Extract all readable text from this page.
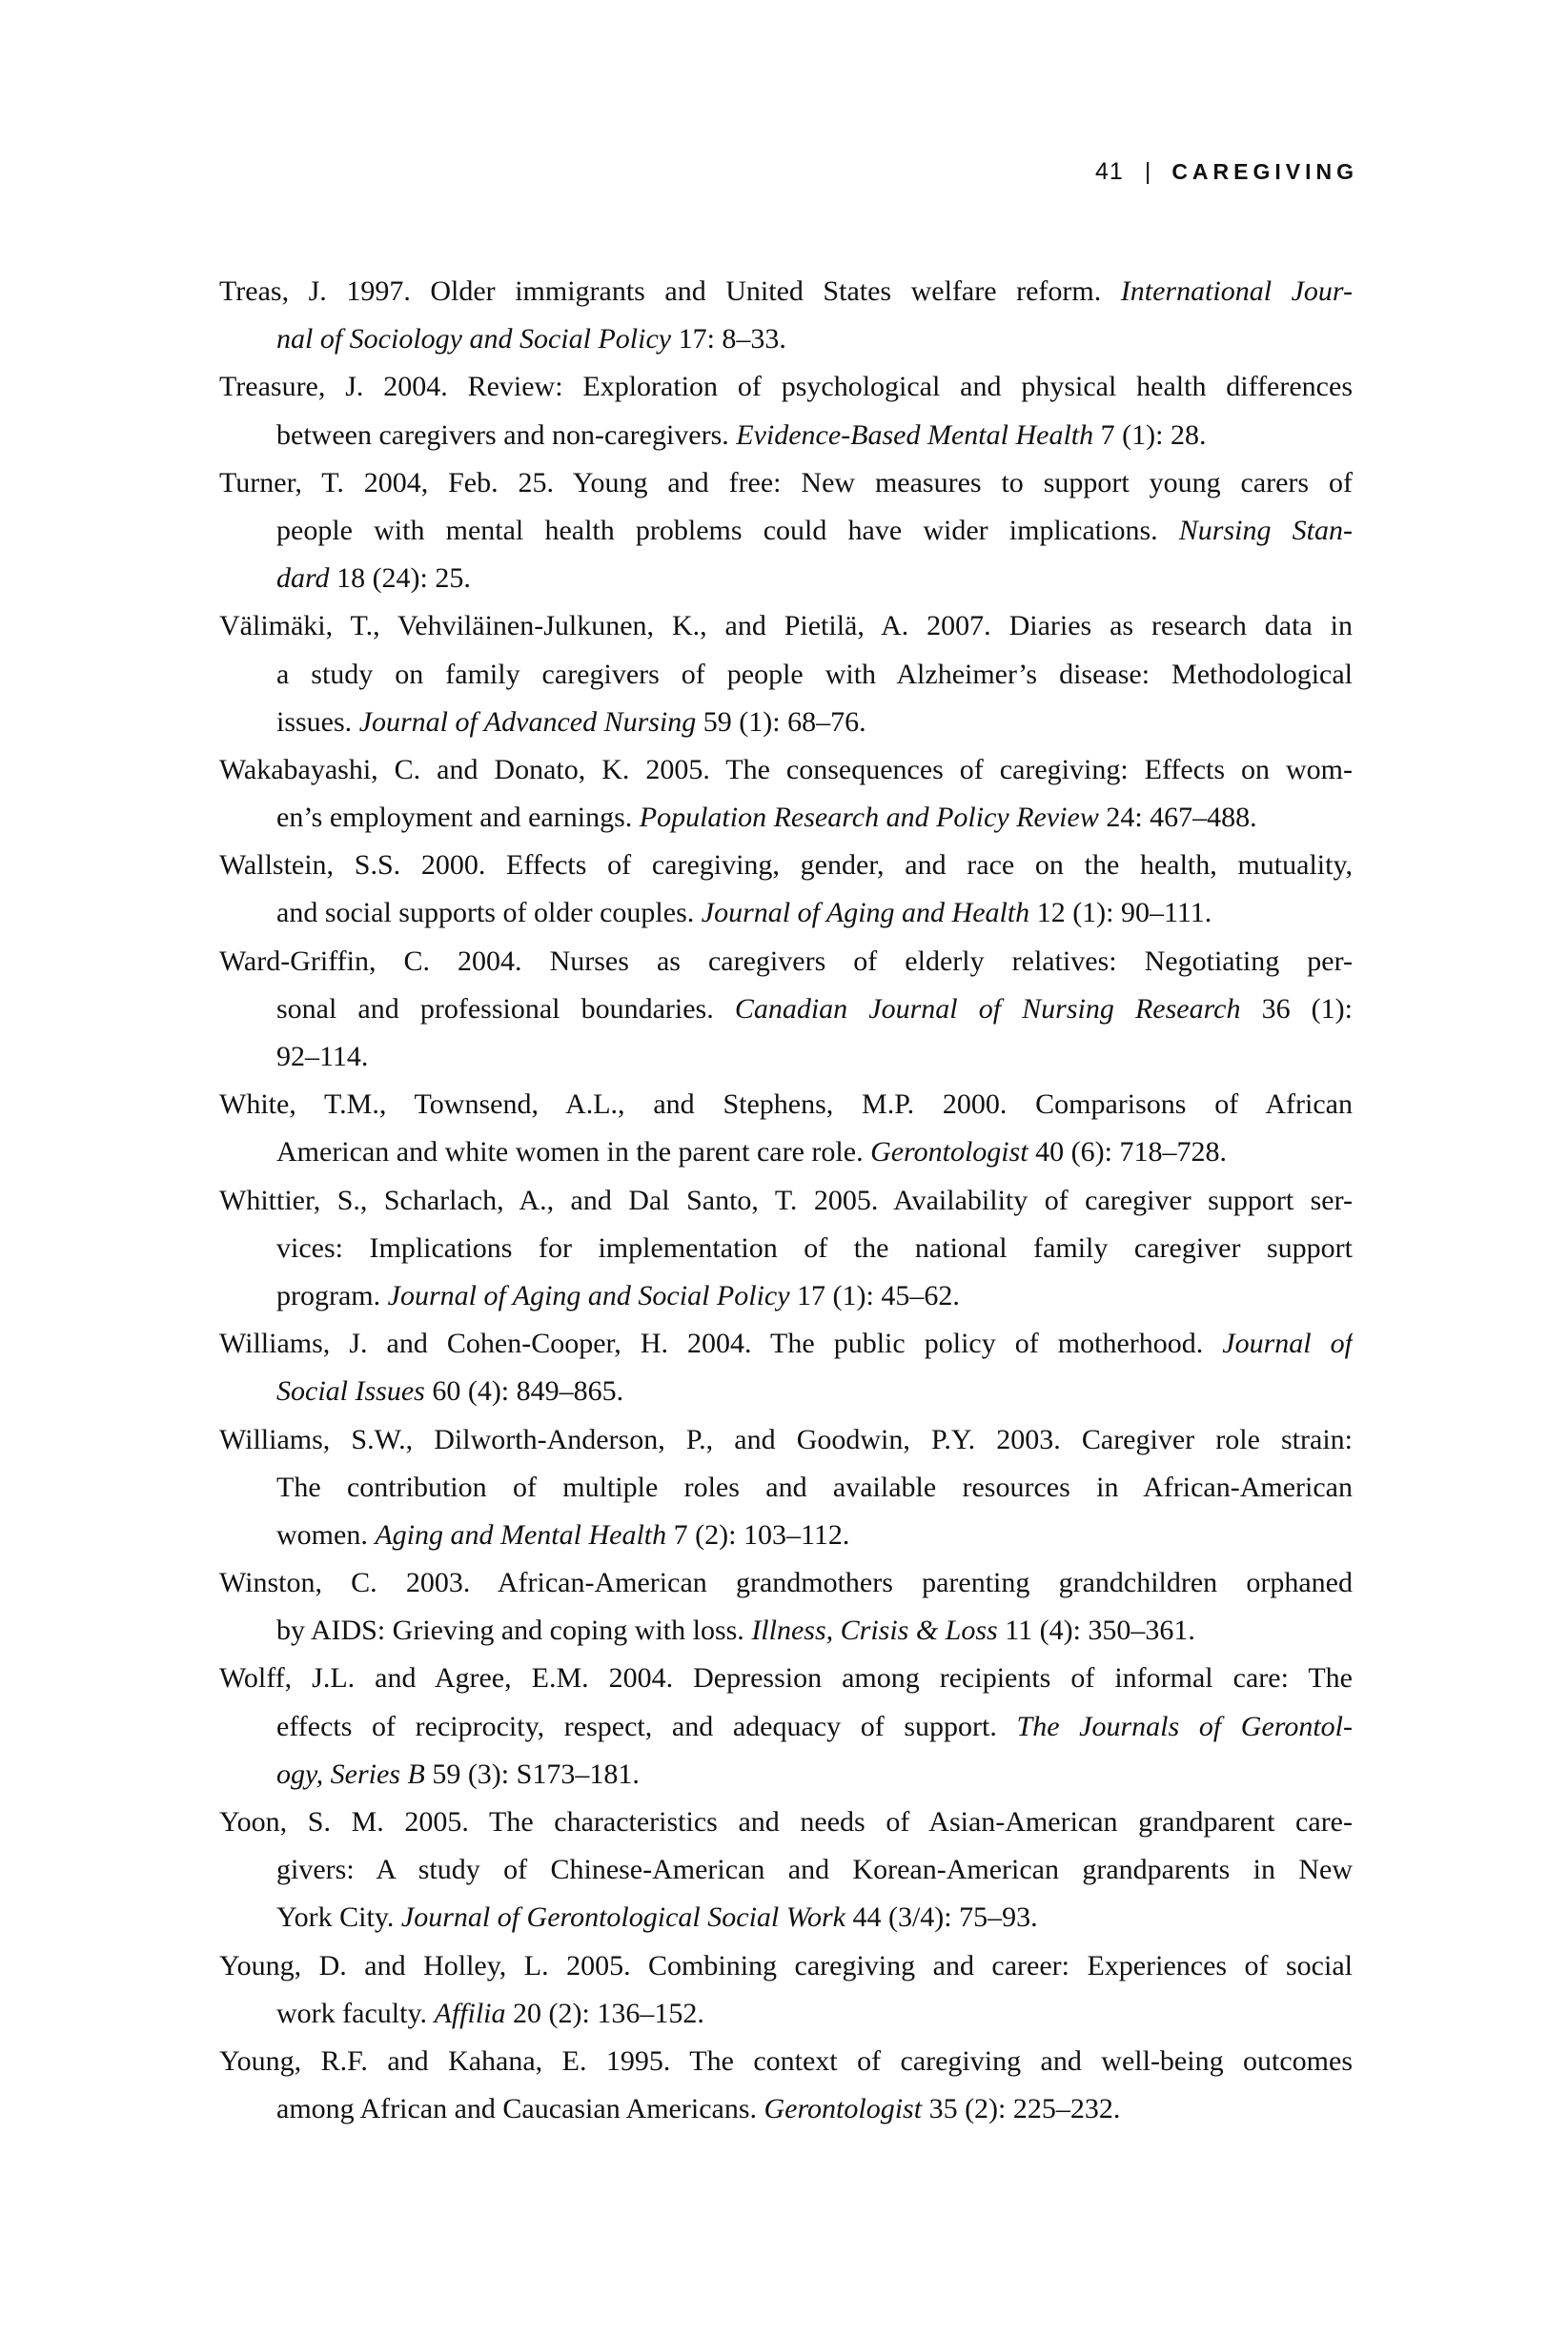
41 | CAREGIVING
Treas, J. 1997. Older immigrants and United States welfare reform. International Jour-
nal of Sociology and Social Policy 17: 8–33.
Treasure, J. 2004. Review: Exploration of psychological and physical health differences
between caregivers and non-caregivers. Evidence-Based Mental Health 7 (1): 28.
Turner, T. 2004, Feb. 25. Young and free: New measures to support young carers of
people with mental health problems could have wider implications. Nursing Stan-
dard 18 (24): 25.
Välimäki, T., Vehviläinen-Julkunen, K., and Pietilä, A. 2007. Diaries as research data in
a study on family caregivers of people with Alzheimer’s disease: Methodological
issues. Journal of Advanced Nursing 59 (1): 68–76.
Wakabayashi, C. and Donato, K. 2005. The consequences of caregiving: Effects on wom-
en’s employment and earnings. Population Research and Policy Review 24: 467–488.
Wallstein, S.S. 2000. Effects of caregiving, gender, and race on the health, mutuality,
and social supports of older couples. Journal of Aging and Health 12 (1): 90–111.
Ward-Griffin, C. 2004. Nurses as caregivers of elderly relatives: Negotiating per-
sonal and professional boundaries. Canadian Journal of Nursing Research 36 (1):
92–114.
White, T.M., Townsend, A.L., and Stephens, M.P. 2000. Comparisons of African
American and white women in the parent care role. Gerontologist 40 (6): 718–728.
Whittier, S., Scharlach, A., and Dal Santo, T. 2005. Availability of caregiver support ser-
vices: Implications for implementation of the national family caregiver support
program. Journal of Aging and Social Policy 17 (1): 45–62.
Williams, J. and Cohen-Cooper, H. 2004. The public policy of motherhood. Journal of
Social Issues 60 (4): 849–865.
Williams, S.W., Dilworth-Anderson, P., and Goodwin, P.Y. 2003. Caregiver role strain:
The contribution of multiple roles and available resources in African-American
women. Aging and Mental Health 7 (2): 103–112.
Winston, C. 2003. African-American grandmothers parenting grandchildren orphaned
by AIDS: Grieving and coping with loss. Illness, Crisis & Loss 11 (4): 350–361.
Wolff, J.L. and Agree, E.M. 2004. Depression among recipients of informal care: The
effects of reciprocity, respect, and adequacy of support. The Journals of Gerontol-
ogy, Series B 59 (3): S173–181.
Yoon, S. M. 2005. The characteristics and needs of Asian-American grandparent care-
givers: A study of Chinese-American and Korean-American grandparents in New
York City. Journal of Gerontological Social Work 44 (3/4): 75–93.
Young, D. and Holley, L. 2005. Combining caregiving and career: Experiences of social
work faculty. Affilia 20 (2): 136–152.
Young, R.F. and Kahana, E. 1995. The context of caregiving and well-being outcomes
among African and Caucasian Americans. Gerontologist 35 (2): 225–232.
